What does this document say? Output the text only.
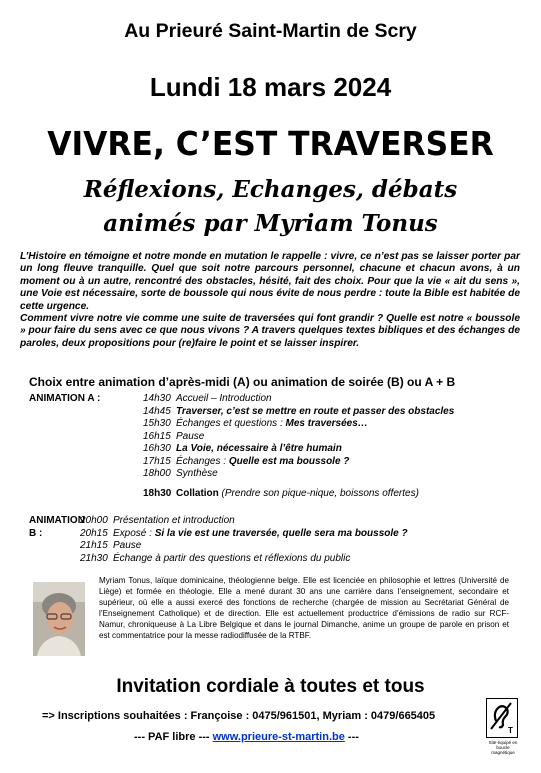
Au Prieuré Saint-Martin de Scry
Lundi 18 mars 2024
VIVRE, C’EST TRAVERSER
Réflexions, Echanges, débats
animés par Myriam Tonus

L’Histoire en témoigne et notre monde en mutation le rappelle : vivre, ce n’est pas se laisser porter par un long fleuve tranquille. Quel que soit notre parcours personnel, chacune et chacun avons, à un moment ou à un autre, rencontré des obstacles, hésité, fait des choix. Pour que la vie « ait du sens », une Voie est nécessaire, sorte de boussole qui nous évite de nous perdre : toute la Bible est habitée de cette urgence.

Comment vivre notre vie comme une suite de traversées qui font grandir ? Quelle est notre « boussole » pour faire du sens avec ce que nous vivons ? A travers quelques textes bibliques et des échanges de paroles, deux propositions pour (re)faire le point et se laisser inspirer.

Choix entre animation d’après-midi (A) ou animation de soirée (B) ou A + B
ANIMATION A :	14h30 Accueil – Introduction
14h45 Traverser, c’est se mettre en route et passer des obstacles
15h30 Échanges et questions : Mes traversées…
16h15 Pause
16h30 La Voie, nécessaire à l’être humain
17h15 Échanges : Quelle est ma boussole ?
18h00 Synthèse
18h30 Collation (Prendre son pique-nique, boissons offertes)
ANIMATION B :
20h00 Présentation et introduction
20h15 Exposé : Si la vie est une traversée, quelle sera ma boussole ?
21h15 Pause
21h30 Échange à partir des questions et réflexions du public
Myriam Tonus, laïque dominicaine, théologienne belge. Elle est licenciée en philosophie et lettres (Université de Liège) et formée en théologie. Elle a mené durant 30 ans une carrière dans l’enseignement, secondaire et supérieur, où elle a aussi exercé des fonctions de recherche (chargée de mission au Secrétariat Général de l’Enseignement Catholique) et de direction. Elle est actuellement productrice d’émissions de radio sur RCF-Namur, chroniqueuse à La Libre Belgique et dans le journal Dimanche, anime un groupe de parole en prison et est commentatrice pour la messe radiodiffusée de la RTBF.
Invitation cordiale à toutes et tous
=> Inscriptions souhaitées : Françoise : 0475/961501, Myriam : 0479/665405
--- PAF libre --- www.prieure-st-martin.be ---
T
Site équipé en boucle magnétique
